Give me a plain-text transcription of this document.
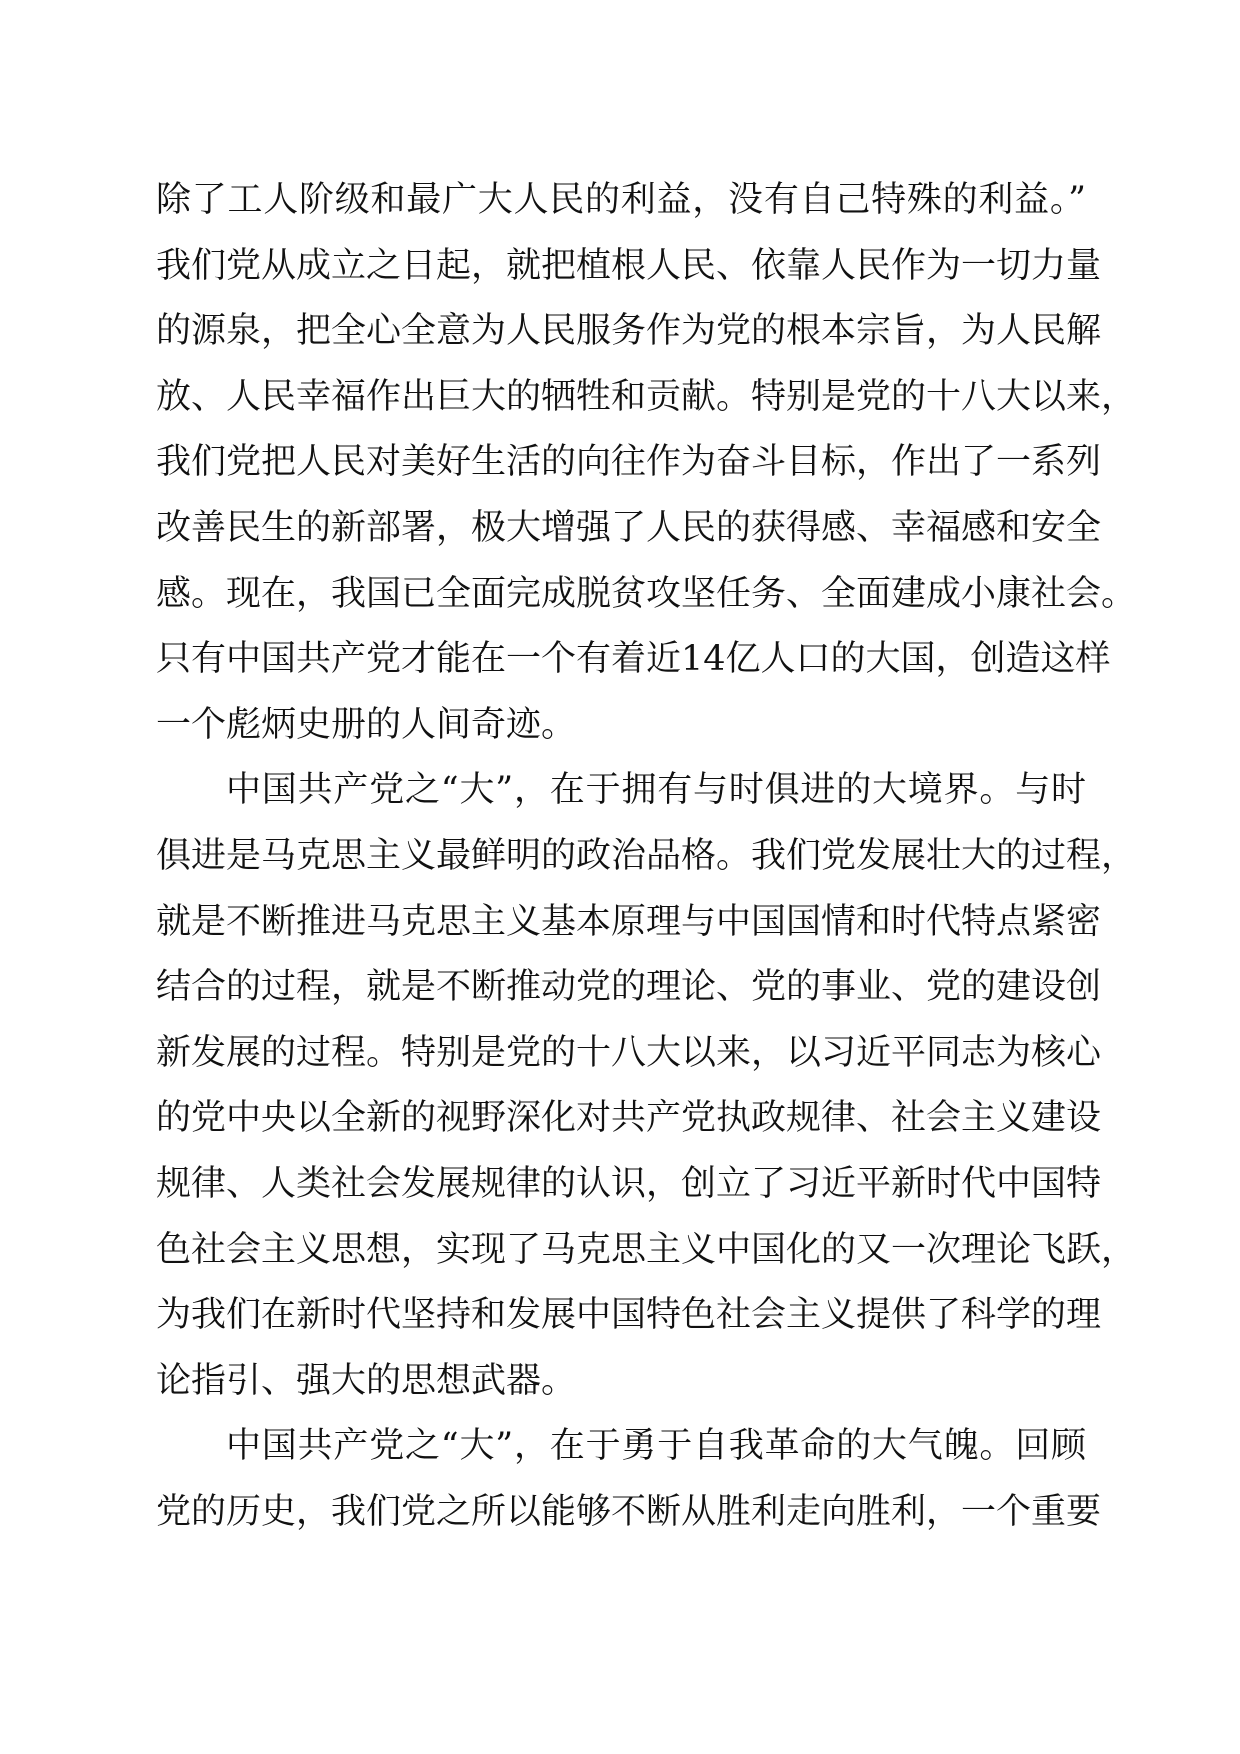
除了工人阶级和最广大人民的利益，没有自己特殊的利益。”
我们党从成立之日起，就把植根人民、依靠人民作为一切力量
的源泉，把全心全意为人民服务作为党的根本宗旨，为人民解
放、人民幸福作出巨大的牺牲和贡献。特别是党的十八大以来，
我们党把人民对美好生活的向往作为奋斗目标，作出了一系列
改善民生的新部署，极大增强了人民的获得感、幸福感和安全
感。现在，我国已全面完成脱贫攻坚任务、全面建成小康社会。
只有中国共产党才能在一个有着近14亿人口的大国，创造这样
一个彪炳史册的人间奇迹。
中国共产党之“大”，在于拥有与时俱进的大境界。与时
俱进是马克思主义最鲜明的政治品格。我们党发展壮大的过程，
就是不断推进马克思主义基本原理与中国国情和时代特点紧密
结合的过程，就是不断推动党的理论、党的事业、党的建设创
新发展的过程。特别是党的十八大以来，以习近平同志为核心
的党中央以全新的视野深化对共产党执政规律、社会主义建设
规律、人类社会发展规律的认识，创立了习近平新时代中国特
色社会主义思想，实现了马克思主义中国化的又一次理论飞跃，
为我们在新时代坚持和发展中国特色社会主义提供了科学的理
论指引、强大的思想武器。
中国共产党之“大”，在于勇于自我革命的大气魄。回顾
党的历史，我们党之所以能够不断从胜利走向胜利，一个重要
